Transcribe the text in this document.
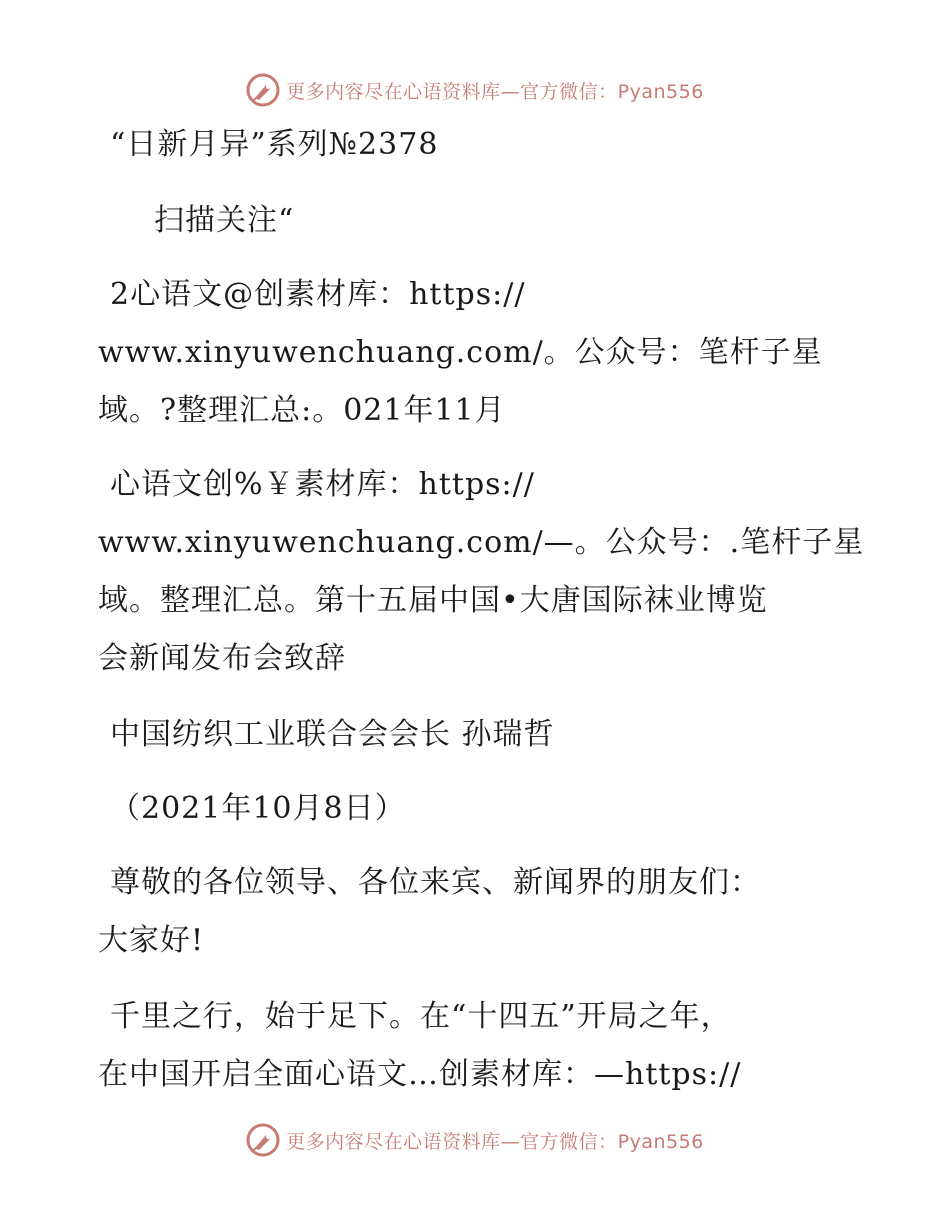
更多内容尽在心语资料库—官方微信：Pyan556
“日新月异”系列№2378
扫描关注“
2心语文@创素材库：https://
www.xinyuwenchuang.com/。公众号：笔杆子星
域。?整理汇总:。021年11月
心语文创%￥素材库：https://
www.xinyuwenchuang.com/—。公众号：.笔杆子星
域。整理汇总。第十五届中国•大唐国际袜业博览
会新闻发布会致辞
中国纺织工业联合会会长 孙瑞哲
（2021年10月8日）
尊敬的各位领导、各位来宾、新闻界的朋友们：
大家好!
千里之行，始于足下。在“十四五”开局之年，
在中国开启全面心语文…创素材库：—https://
更多内容尽在心语资料库—官方微信：Pyan556
